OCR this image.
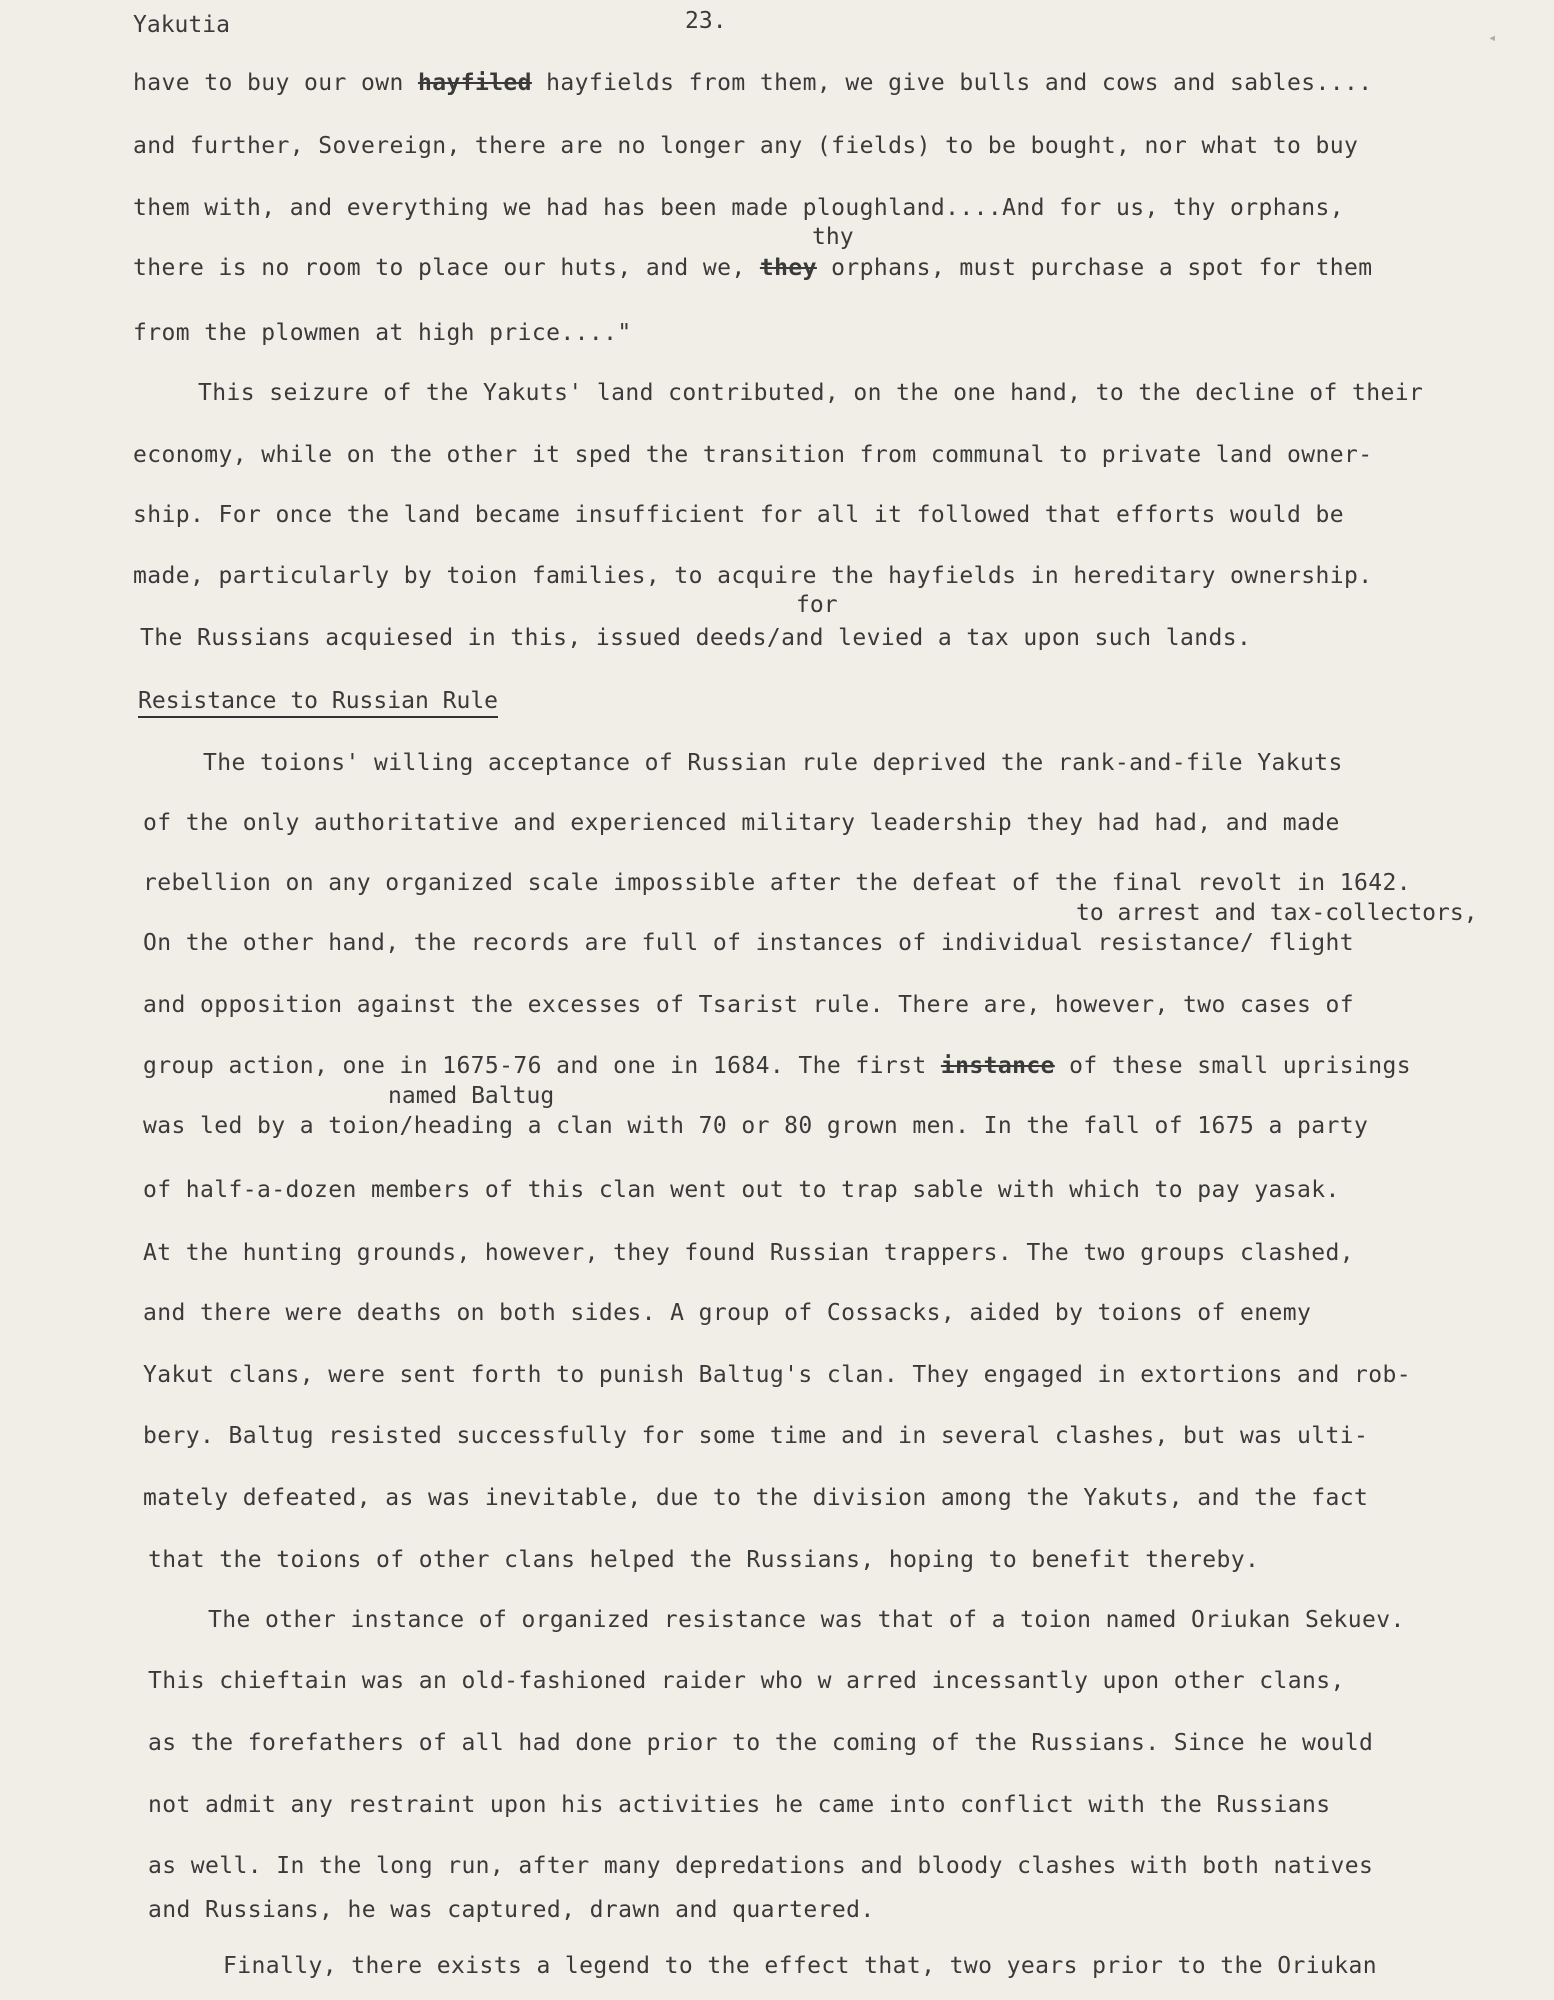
◂
Yakutia	23.
have to buy our own hayfiled hayfields from them, we give bulls and cows and sables....
and further, Sovereign, there are no longer any (fields) to be bought, nor what to buy
them with, and everything we had has been made ploughland....And for us, thy orphans,
thy
there is no room to place our huts, and we, they orphans, must purchase a spot for them
from the plowmen at high price...."
This seizure of the Yakuts' land contributed, on the one hand, to the decline of their
economy, while on the other it sped the transition from communal to private land owner-
ship. For once the land became insufficient for all it followed that efforts would be
made, particularly by toion families, to acquire the hayfields in hereditary ownership.
for
The Russians acquiesed in this, issued deeds/and levied a tax upon such lands.
Resistance to Russian Rule
The toions' willing acceptance of Russian rule deprived the rank-and-file Yakuts
of the only authoritative and experienced military leadership they had had, and made
rebellion on any organized scale impossible after the defeat of the final revolt in 1642.
to arrest and tax-collectors,
On the other hand, the records are full of instances of individual resistance/ flight
and opposition against the excesses of Tsarist rule. There are, however, two cases of
group action, one in 1675-76 and one in 1684. The first instance of these small uprisings
named Baltug
was led by a toion/heading a clan with 70 or 80 grown men. In the fall of 1675 a party
of half-a-dozen members of this clan went out to trap sable with which to pay yasak.
At the hunting grounds, however, they found Russian trappers. The two groups clashed,
and there were deaths on both sides. A group of Cossacks, aided by toions of enemy
Yakut clans, were sent forth to punish Baltug's clan. They engaged in extortions and rob-
bery. Baltug resisted successfully for some time and in several clashes, but was ulti-
mately defeated, as was inevitable, due to the division among the Yakuts, and the fact
that the toions of other clans helped the Russians, hoping to benefit thereby.
The other instance of organized resistance was that of a toion named Oriukan Sekuev.
This chieftain was an old-fashioned raider who w arred incessantly upon other clans,
as the forefathers of all had done prior to the coming of the Russians. Since he would
not admit any restraint upon his activities he came into conflict with the Russians
as well. In the long run, after many depredations and bloody clashes with both natives
and Russians, he was captured, drawn and quartered.
Finally, there exists a legend to the effect that, two years prior to the Oriukan
